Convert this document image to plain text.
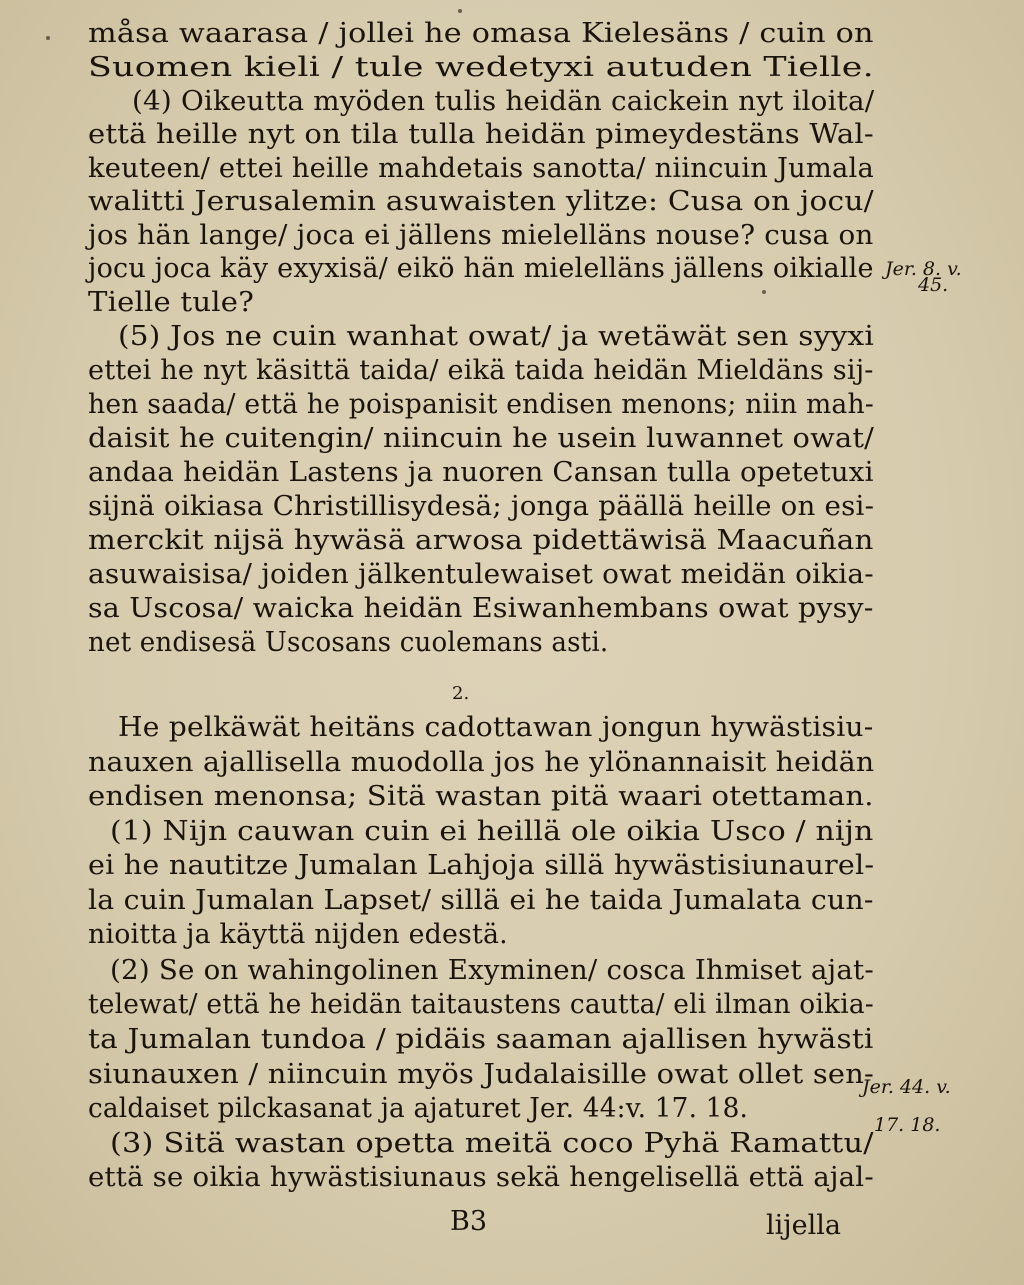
måsa waarasa / jollei he omasa Kielesäns / cuin on
Suomen kieli / tule wedetyxi autuden Tielle.
(4) Oikeutta myöden tulis heidän caickein nyt iloita/
että heille nyt on tila tulla heidän pimeydestäns Wal-
keuteen/ ettei heille mahdetais sanotta/ niincuin Jumala
walitti Jerusalemin asuwaisten ylitze: Cusa on jocu/
jos hän lange/ joca ei jällens mielelläns nouse? cusa on
jocu joca käy exyxisä/ eikö hän mielelläns jällens oikialle
Tielle tule?
(5) Jos ne cuin wanhat owat/ ja wetäwät sen syyxi
ettei he nyt käsittä taida/ eikä taida heidän Mieldäns sij-
hen saada/ että he poispanisit endisen menons; niin mah-
daisit he cuitengin/ niincuin he usein luwannet owat/
andaa heidän Lastens ja nuoren Cansan tulla opetetuxi
sijnä oikiasa Christillisydesä; jonga päällä heille on esi-
merckit nijsä hywäsä arwosa pidettäwisä Maacuñan
asuwaisisa/ joiden jälkentulewaiset owat meidän oikia-
sa Uscosa/ waicka heidän Esiwanhembans owat pysy-
net endisesä Uscosans cuolemans asti.
He pelkäwät heitäns cadottawan jongun hywästisiu-
nauxen ajallisella muodolla jos he ylönannaisit heidän
endisen menonsa; Sitä wastan pitä waari otettaman.
(1) Nijn cauwan cuin ei heillä ole oikia Usco / nijn
ei he nautitze Jumalan Lahjoja sillä hywästisiunaurel-
la cuin Jumalan Lapset/ sillä ei he taida Jumalata cun-
nioitta ja käyttä nijden edestä.
(2) Se on wahingolinen Exyminen/ cosca Ihmiset ajat-
telewat/ että he heidän taitaustens cautta/ eli ilman oikia-
ta Jumalan tundoa / pidäis saaman ajallisen hywästi
siunauxen / niincuin myös Judalaisille owat ollet sen-
caldaiset pilckasanat ja ajaturet Jer. 44:v. 17. 18.
(3) Sitä wastan opetta meitä coco Pyhä Ramattu/
että se oikia hywästisiunaus sekä hengelisellä että ajal-
2.
Jer. 8. v.
45.
Jer. 44. v.
17. 18.
B3	lijella
